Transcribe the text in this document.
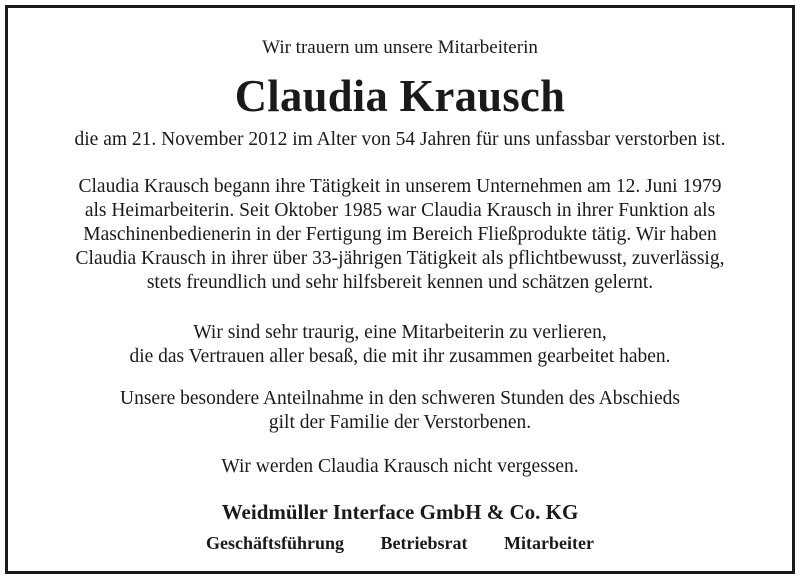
Wir trauern um unsere Mitarbeiterin
Claudia Krausch
die am 21. November 2012 im Alter von 54 Jahren für uns unfassbar verstorben ist.
Claudia Krausch begann ihre Tätigkeit in unserem Unternehmen am 12. Juni 1979
als Heimarbeiterin. Seit Oktober 1985 war Claudia Krausch in ihrer Funktion als
Maschinenbedienerin in der Fertigung im Bereich Fließprodukte tätig. Wir haben
Claudia Krausch in ihrer über 33-jährigen Tätigkeit als pflichtbewusst, zuverlässig,
stets freundlich und sehr hilfsbereit kennen und schätzen gelernt.
Wir sind sehr traurig, eine Mitarbeiterin zu verlieren,
die das Vertrauen aller besaß, die mit ihr zusammen gearbeitet haben.
Unsere besondere Anteilnahme in den schweren Stunden des Abschieds
gilt der Familie der Verstorbenen.
Wir werden Claudia Krausch nicht vergessen.
Weidmüller Interface GmbH & Co. KG
Geschäftsführung Betriebsrat Mitarbeiter
